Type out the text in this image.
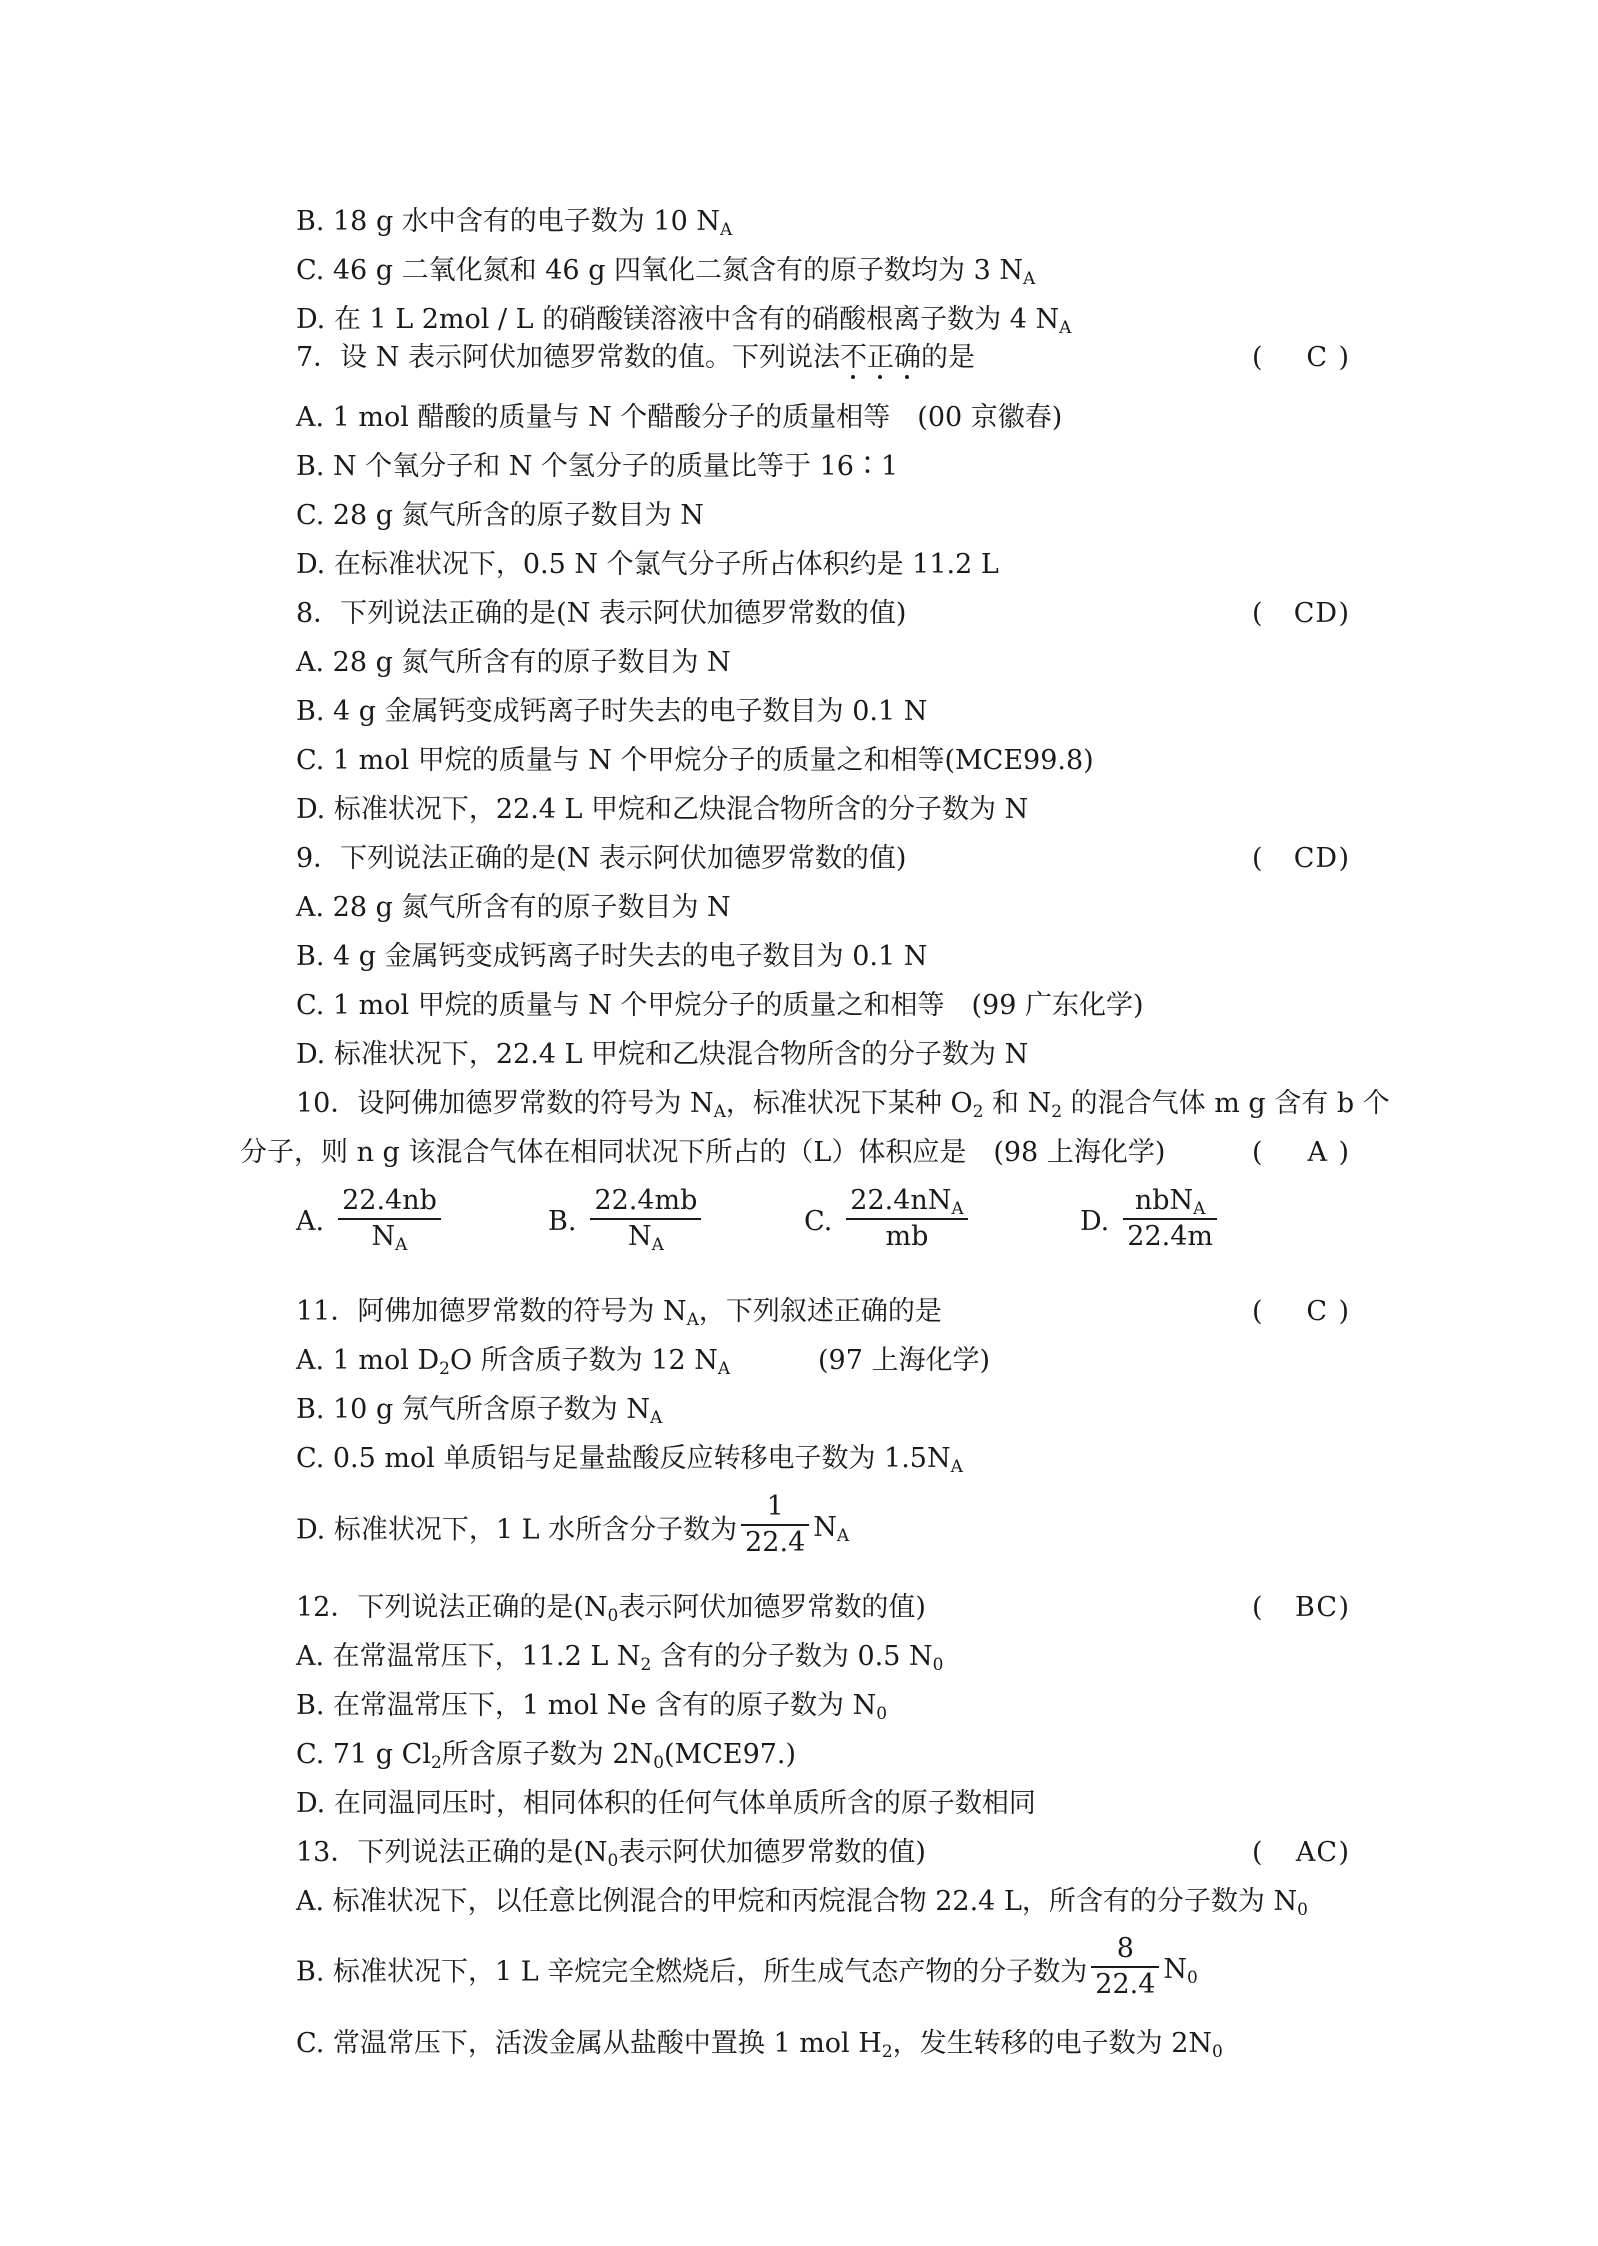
B. 18 g 水中含有的电子数为 10 $N_A$
C. 46 g 二氧化氮和 46 g 四氧化二氮含有的原子数均为 3 $N_A$
D. 在 1 L 2mol / L 的硝酸镁溶液中含有的硝酸根离子数为 4 $N_A$
7．设 N 表示阿伏加德罗常数的值。下列说法不正确的是	( C )
A. 1 mol 醋酸的质量与 N 个醋酸分子的质量相等　(00 京徽春)
B. N 个氧分子和 N 个氢分子的质量比等于 16∶1
C. 28 g 氮气所含的原子数目为 N
D. 在标准状况下，0.5 N 个氯气分子所占体积约是 11.2 L
8．下列说法正确的是(N 表示阿伏加德罗常数的值)	( CD )
A. 28 g 氮气所含有的原子数目为 N
B. 4 g 金属钙变成钙离子时失去的电子数目为 0.1 N
C. 1 mol 甲烷的质量与 N 个甲烷分子的质量之和相等(MCE99.8)
D. 标准状况下，22.4 L 甲烷和乙炔混合物所含的分子数为 N
9．下列说法正确的是(N 表示阿伏加德罗常数的值)	( CD )
A. 28 g 氮气所含有的原子数目为 N
B. 4 g 金属钙变成钙离子时失去的电子数目为 0.1 N
C. 1 mol 甲烷的质量与 N 个甲烷分子的质量之和相等　(99 广东化学)
D. 标准状况下，22.4 L 甲烷和乙炔混合物所含的分子数为 N
10．设阿佛加德罗常数的符号为 $N_A$，标准状况下某种 $O_2$ 和 $N_2$ 的混合气体 m g 含有 b 个
分子，则 n g 该混合气体在相同状况下所占的（L）体积应是　(98 上海化学)	( A )
A. $\frac{22.4nb}{N_A}$	B. $\frac{22.4mb}{N_A}$	C. $\frac{22.4nN_A}{mb}$	D. $\frac{nbN_A}{22.4m}$
11．阿佛加德罗常数的符号为 $N_A$，下列叙述正确的是	( C )
A. 1 mol $D_2O$ 所含质子数为 12 $N_A$	(97 上海化学)
B. 10 g 氖气所含原子数为 $N_A$
C. 0.5 mol 单质铝与足量盐酸反应转移电子数为 $1.5N_A$
D. 标准状况下，1 L 水所含分子数为 $\frac{1}{22.4} N_A$
12．下列说法正确的是($N_0$表示阿伏加德罗常数的值)	( BC )
A. 在常温常压下，11.2 L $N_2$ 含有的分子数为 0.5 $N_0$
B. 在常温常压下，1 mol Ne 含有的原子数为 $N_0$
C. 71 g $Cl_2$所含原子数为 $2N_0(MCE97.)$
D. 在同温同压时，相同体积的任何气体单质所含的原子数相同
13．下列说法正确的是($N_0$表示阿伏加德罗常数的值)	( AC )
A. 标准状况下，以任意比例混合的甲烷和丙烷混合物 22.4 L，所含有的分子数为 $N_0$
B. 标准状况下，1 L 辛烷完全燃烧后，所生成气态产物的分子数为 $\frac{8}{22.4} N_0$
C. 常温常压下，活泼金属从盐酸中置换 1 mol $H_2$，发生转移的电子数为 $2N_0$
